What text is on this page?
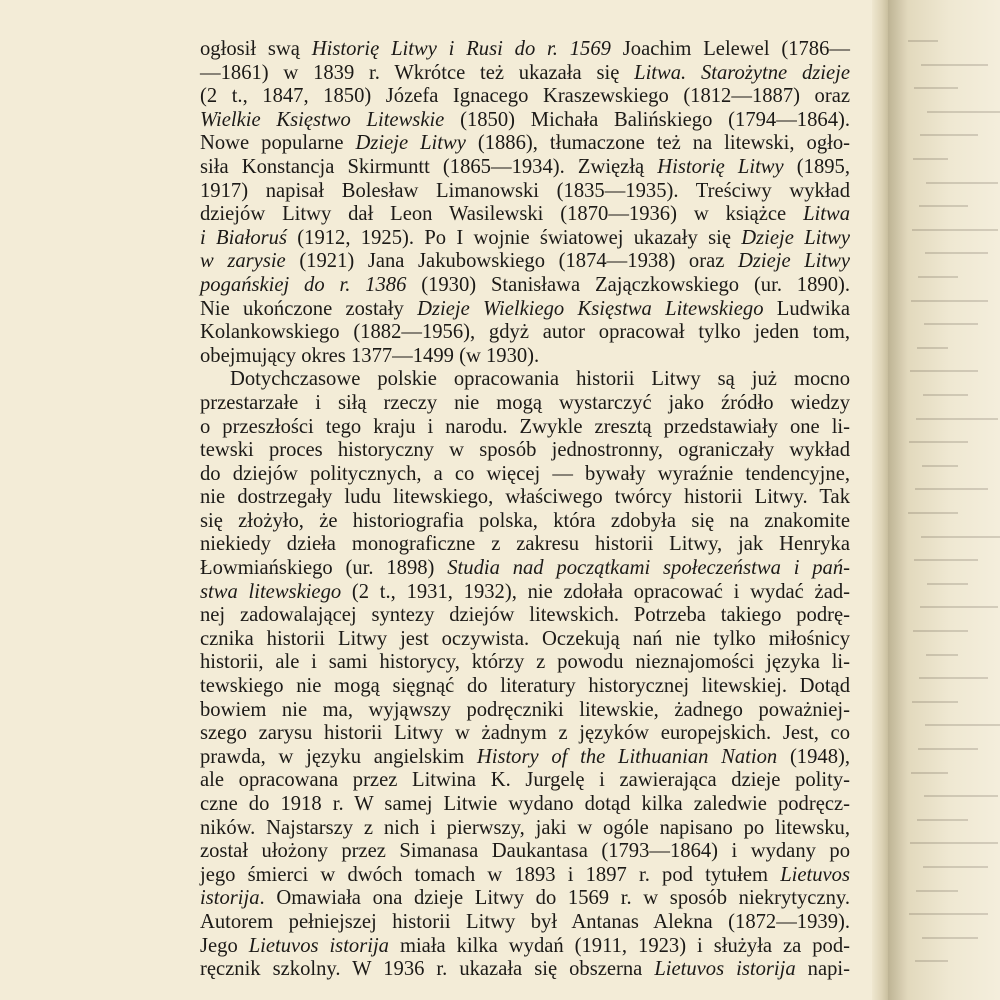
ogłosił swą Historię Litwy i Rusi do r. 1569 Joachim Lelewel (1786—
—1861) w 1839 r. Wkrótce też ukazała się Litwa. Starożytne dzieje
(2 t., 1847, 1850) Józefa Ignacego Kraszewskiego (1812—1887) oraz
Wielkie Księstwo Litewskie (1850) Michała Balińskiego (1794—1864).
Nowe popularne Dzieje Litwy (1886), tłumaczone też na litewski, ogło-
siła Konstancja Skirmuntt (1865—1934). Zwięzłą Historię Litwy (1895,
1917) napisał Bolesław Limanowski (1835—1935). Treściwy wykład
dziejów Litwy dał Leon Wasilewski (1870—1936) w książce Litwa
i Białoruś (1912, 1925). Po I wojnie światowej ukazały się Dzieje Litwy
w zarysie (1921) Jana Jakubowskiego (1874—1938) oraz Dzieje Litwy
pogańskiej do r. 1386 (1930) Stanisława Zajączkowskiego (ur. 1890).
Nie ukończone zostały Dzieje Wielkiego Księstwa Litewskiego Ludwika
Kolankowskiego (1882—1956), gdyż autor opracował tylko jeden tom,
obejmujący okres 1377—1499 (w 1930).
Dotychczasowe polskie opracowania historii Litwy są już mocno
przestarzałe i siłą rzeczy nie mogą wystarczyć jako źródło wiedzy
o przeszłości tego kraju i narodu. Zwykle zresztą przedstawiały one li-
tewski proces historyczny w sposób jednostronny, ograniczały wykład
do dziejów politycznych, a co więcej — bywały wyraźnie tendencyjne,
nie dostrzegały ludu litewskiego, właściwego twórcy historii Litwy. Tak
się złożyło, że historiografia polska, która zdobyła się na znakomite
niekiedy dzieła monograficzne z zakresu historii Litwy, jak Henryka
Łowmiańskiego (ur. 1898) Studia nad początkami społeczeństwa i pań-
stwa litewskiego (2 t., 1931, 1932), nie zdołała opracować i wydać żad-
nej zadowalającej syntezy dziejów litewskich. Potrzeba takiego podrę-
cznika historii Litwy jest oczywista. Oczekują nań nie tylko miłośnicy
historii, ale i sami historycy, którzy z powodu nieznajomości języka li-
tewskiego nie mogą sięgnąć do literatury historycznej litewskiej. Dotąd
bowiem nie ma, wyjąwszy podręczniki litewskie, żadnego poważniej-
szego zarysu historii Litwy w żadnym z języków europejskich. Jest, co
prawda, w języku angielskim History of the Lithuanian Nation (1948),
ale opracowana przez Litwina K. Jurgelę i zawierająca dzieje polity-
czne do 1918 r. W samej Litwie wydano dotąd kilka zaledwie podręcz-
ników. Najstarszy z nich i pierwszy, jaki w ogóle napisano po litewsku,
został ułożony przez Simanasa Daukantasa (1793—1864) i wydany po
jego śmierci w dwóch tomach w 1893 i 1897 r. pod tytułem Lietuvos
istorija. Omawiała ona dzieje Litwy do 1569 r. w sposób niekrytyczny.
Autorem pełniejszej historii Litwy był Antanas Alekna (1872—1939).
Jego Lietuvos istorija miała kilka wydań (1911, 1923) i służyła za pod-
ręcznik szkolny. W 1936 r. ukazała się obszerna Lietuvos istorija napi-
